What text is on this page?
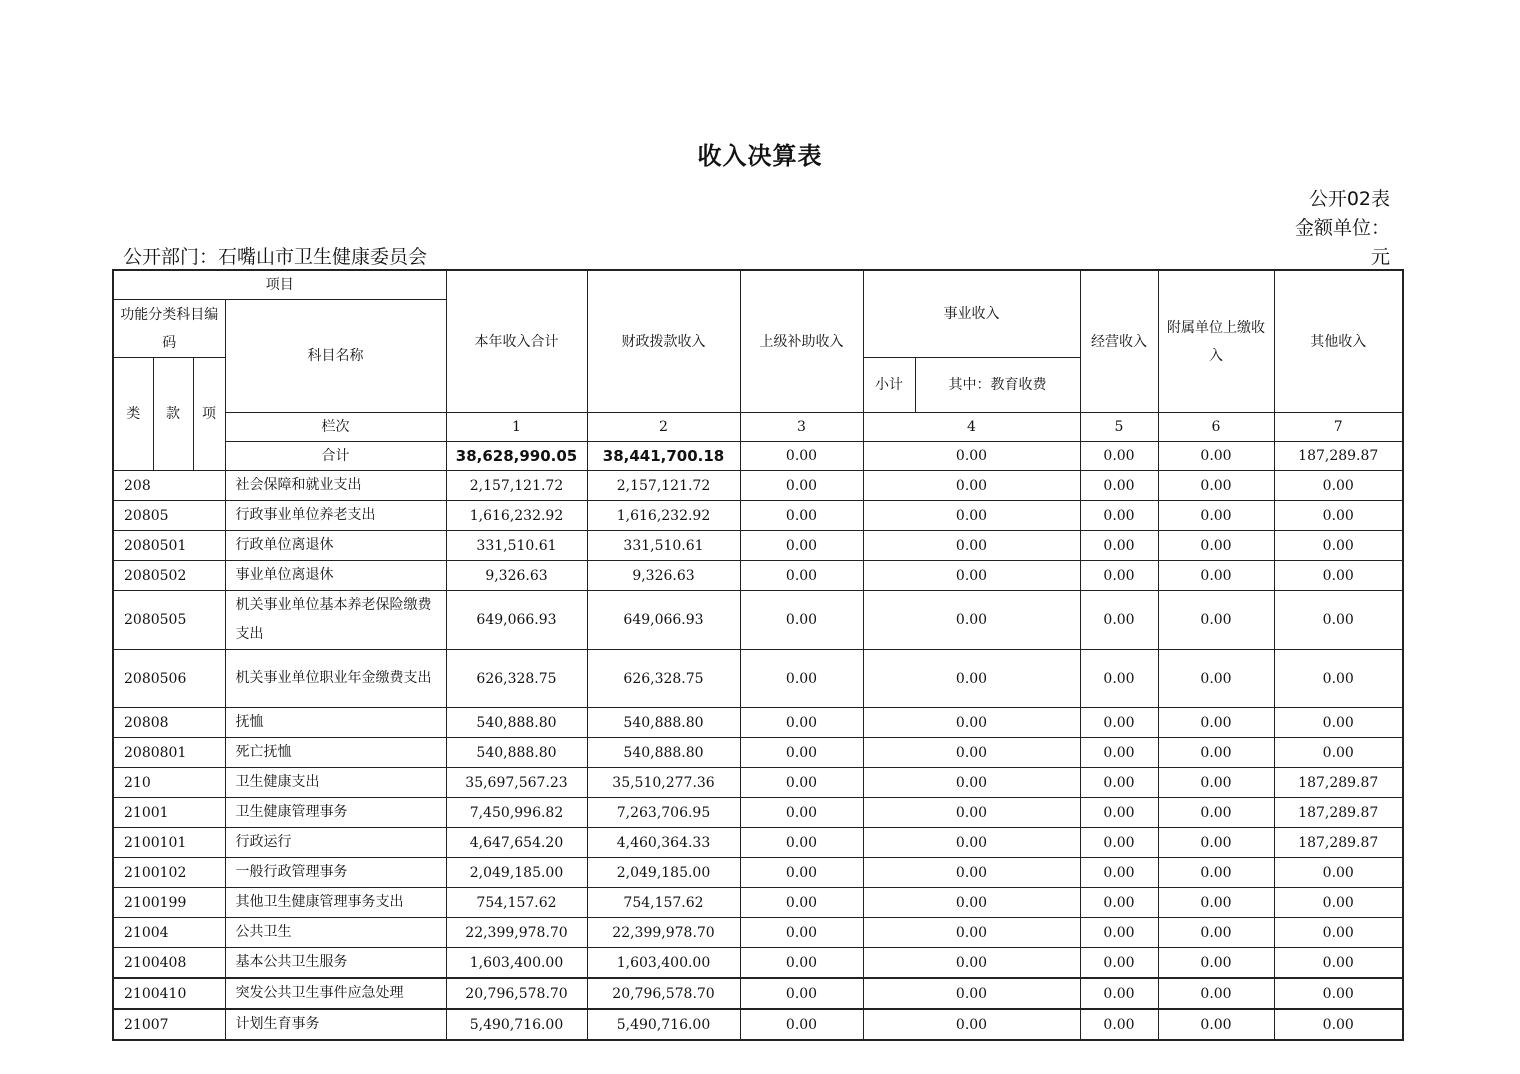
收入决算表
公开02表
金额单位：
元
公开部门：石嘴山市卫生健康委员会
项目				本年收入合计	财政拨款收入	上级补助收入	事业收入		经营收入	附属单位上缴收入	其他收入
功能分类科目编码			科目名称								

类	款	项					小计	其中：教育收费			
			栏次	1	2	3	4		5	6	7
			合计	38,628,990.05	38,441,700.18	0.00	0.00		0.00	0.00	187,289.87
208			社会保障和就业支出	2,157,121.72	2,157,121.72	0.00	0.00		0.00	0.00	0.00
20805			行政事业单位养老支出	1,616,232.92	1,616,232.92	0.00	0.00		0.00	0.00	0.00
2080501			行政单位离退休	331,510.61	331,510.61	0.00	0.00		0.00	0.00	0.00
2080502			事业单位离退休	9,326.63	9,326.63	0.00	0.00		0.00	0.00	0.00
2080505			机关事业单位基本养老保险缴费支出	649,066.93	649,066.93	0.00	0.00		0.00	0.00	0.00
2080506			机关事业单位职业年金缴费支出	626,328.75	626,328.75	0.00	0.00		0.00	0.00	0.00
20808			抚恤	540,888.80	540,888.80	0.00	0.00		0.00	0.00	0.00
2080801			死亡抚恤	540,888.80	540,888.80	0.00	0.00		0.00	0.00	0.00
210			卫生健康支出	35,697,567.23	35,510,277.36	0.00	0.00		0.00	0.00	187,289.87
21001			卫生健康管理事务	7,450,996.82	7,263,706.95	0.00	0.00		0.00	0.00	187,289.87
2100101			行政运行	4,647,654.20	4,460,364.33	0.00	0.00		0.00	0.00	187,289.87
2100102			一般行政管理事务	2,049,185.00	2,049,185.00	0.00	0.00		0.00	0.00	0.00
2100199			其他卫生健康管理事务支出	754,157.62	754,157.62	0.00	0.00		0.00	0.00	0.00
21004			公共卫生	22,399,978.70	22,399,978.70	0.00	0.00		0.00	0.00	0.00
2100408			基本公共卫生服务	1,603,400.00	1,603,400.00	0.00	0.00		0.00	0.00	0.00
2100410			突发公共卫生事件应急处理	20,796,578.70	20,796,578.70	0.00	0.00		0.00	0.00	0.00
21007			计划生育事务	5,490,716.00	5,490,716.00	0.00	0.00		0.00	0.00	0.00
